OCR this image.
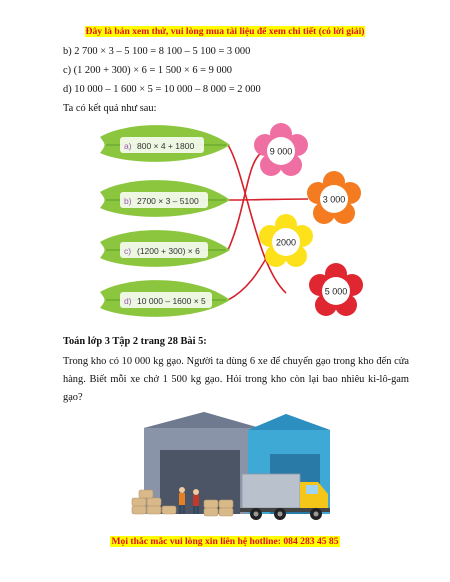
Đây là bản xem thử, vui lòng mua tài liệu để xem chi tiết (có lời giải)
b) 2 700 × 3 – 5 100 = 8 100 – 5 100 = 3 000
c) (1 200 + 300) × 6 = 1 500 × 6 = 9 000
d) 10 000 – 1 600 × 5 = 10 000 – 8 000 = 2 000
Ta có kết quả như sau:
a) 800 × 4 + 1800
b) 2700 × 3 – 5100
c) (1200 + 300) × 6
d) 10 000 – 1600 × 5
9 000
3 000
2000
5 000
Toán lớp 3 Tập 2 trang 28 Bài 5:
Trong kho có 10 000 kg gạo. Người ta dùng 6 xe để chuyển gạo trong kho đến cửa hàng. Biết mỗi xe chở 1 500 kg gạo. Hỏi trong kho còn lại bao nhiêu ki-lô-gam gạo?
Mọi thắc mắc vui lòng xin liên hệ hotline: 084 283 45 85
